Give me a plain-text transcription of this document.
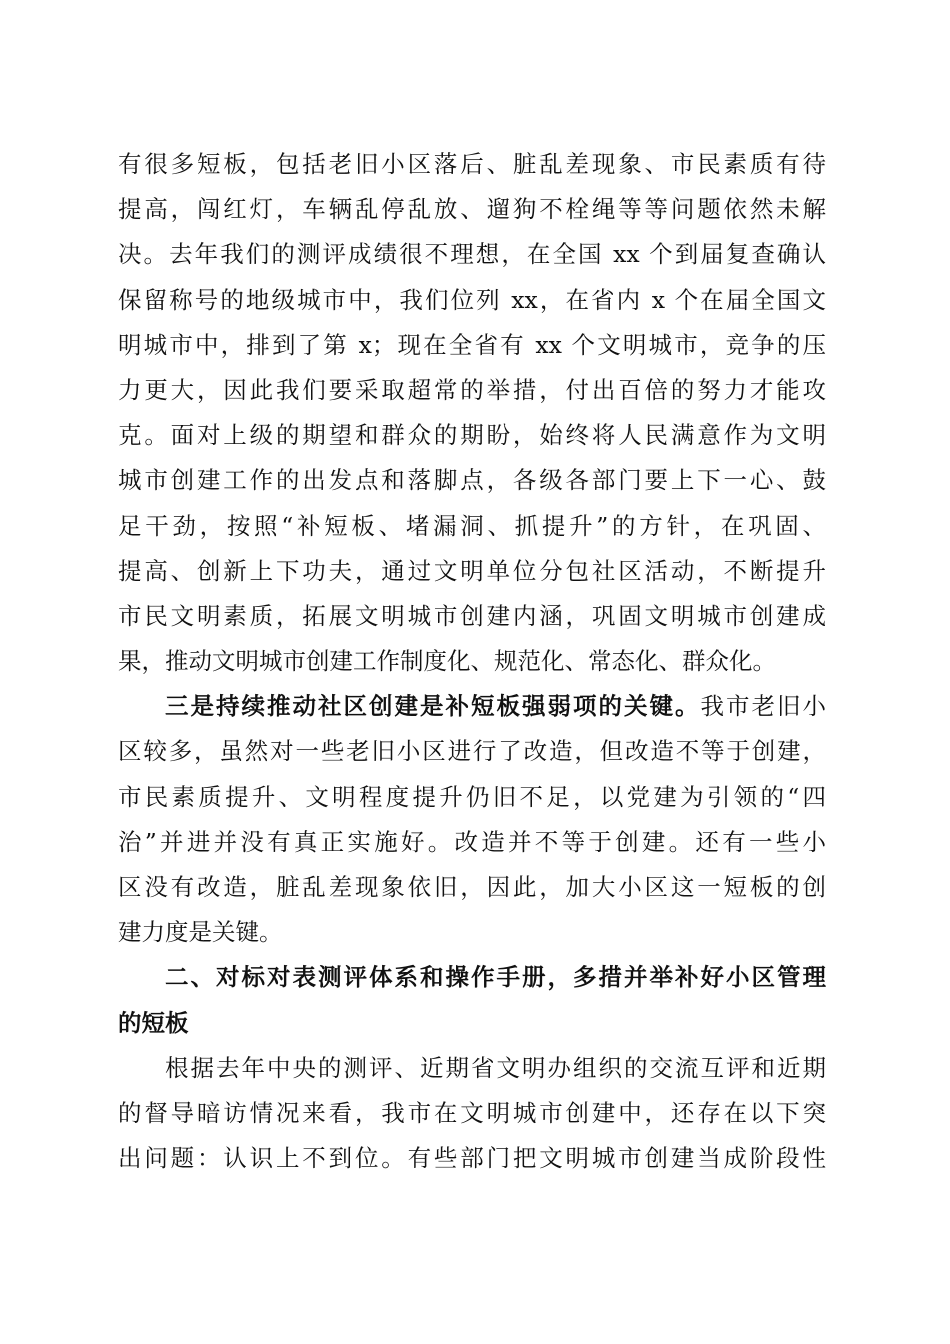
有很多短板，包括老旧小区落后、脏乱差现象、市民素质有待
提高，闯红灯，车辆乱停乱放、遛狗不栓绳等等问题依然未解
决。去年我们的测评成绩很不理想，在全国 xx 个到届复查确认
保留称号的地级城市中，我们位列 xx，在省内 x 个在届全国文
明城市中，排到了第 x；现在全省有 xx 个文明城市，竞争的压
力更大，因此我们要采取超常的举措，付出百倍的努力才能攻
克。面对上级的期望和群众的期盼，始终将人民满意作为文明
城市创建工作的出发点和落脚点，各级各部门要上下一心、鼓
足干劲，按照“补短板、堵漏洞、抓提升”的方针，在巩固、
提高、创新上下功夫，通过文明单位分包社区活动，不断提升
市民文明素质，拓展文明城市创建内涵，巩固文明城市创建成
果，推动文明城市创建工作制度化、规范化、常态化、群众化。
三是持续推动社区创建是补短板强弱项的关键。我市老旧小
区较多，虽然对一些老旧小区进行了改造，但改造不等于创建，
市民素质提升、文明程度提升仍旧不足，以党建为引领的“四
治”并进并没有真正实施好。改造并不等于创建。还有一些小
区没有改造，脏乱差现象依旧，因此，加大小区这一短板的创
建力度是关键。
二、对标对表测评体系和操作手册，多措并举补好小区管理
的短板
根据去年中央的测评、近期省文明办组织的交流互评和近期
的督导暗访情况来看，我市在文明城市创建中，还存在以下突
出问题：认识上不到位。有些部门把文明城市创建当成阶段性
